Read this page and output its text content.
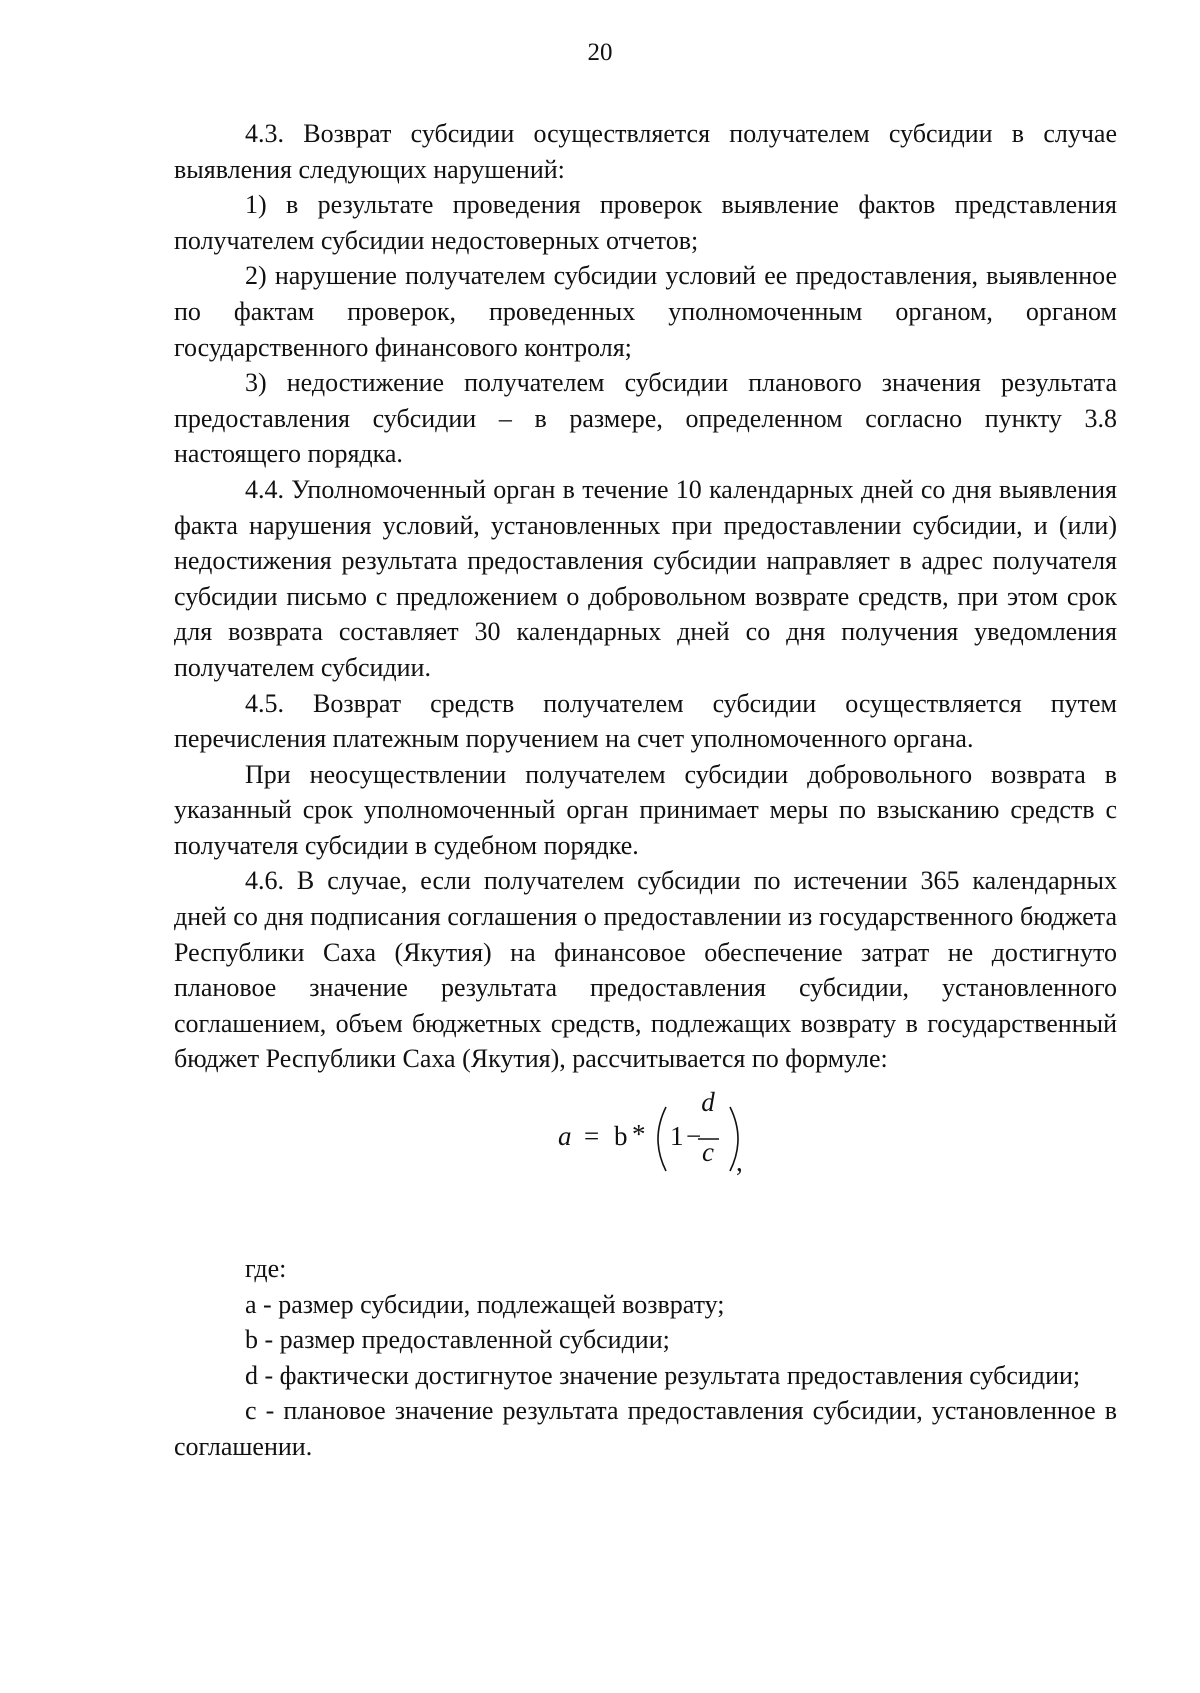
20

4.3. Возврат субсидии осуществляется получателем субсидии в случае выявления следующих нарушений:

1) в результате проведения проверок выявление фактов представления получателем субсидии недостоверных отчетов;

2) нарушение получателем субсидии условий ее предоставления, выявленное по фактам проверок, проведенных уполномоченным органом, органом государственного финансового контроля;

3) недостижение получателем субсидии планового значения результата предоставления субсидии – в размере, определенном согласно пункту 3.8 настоящего порядка.

4.4. Уполномоченный орган в течение 10 календарных дней со дня выявления факта нарушения условий, установленных при предоставлении субсидии, и (или) недостижения результата предоставления субсидии направляет в адрес получателя субсидии письмо с предложением о добровольном возврате средств, при этом срок для возврата составляет 30 календарных дней со дня получения уведомления получателем субсидии.

4.5. Возврат средств получателем субсидии осуществляется путем перечисления платежным поручением на счет уполномоченного органа.

При неосуществлении получателем субсидии добровольного возврата в указанный срок уполномоченный орган принимает меры по взысканию средств с получателя субсидии в судебном порядке.

4.6. В случае, если получателем субсидии по истечении 365 календарных дней со дня подписания соглашения о предоставлении из государственного бюджета Республики Саха (Якутия) на финансовое обеспечение затрат не достигнуто плановое значение результата предоставления субсидии, установленного соглашением, объем бюджетных средств, подлежащих возврату в государственный бюджет Республики Саха (Якутия), рассчитывается по формуле:

a = b * 1 −
d
c ,

где:

a - размер субсидии, подлежащей возврату;

b - размер предоставленной субсидии;

d - фактически достигнутое значение результата предоставления субсидии;

c - плановое значение результата предоставления субсидии, установленное в соглашении.
